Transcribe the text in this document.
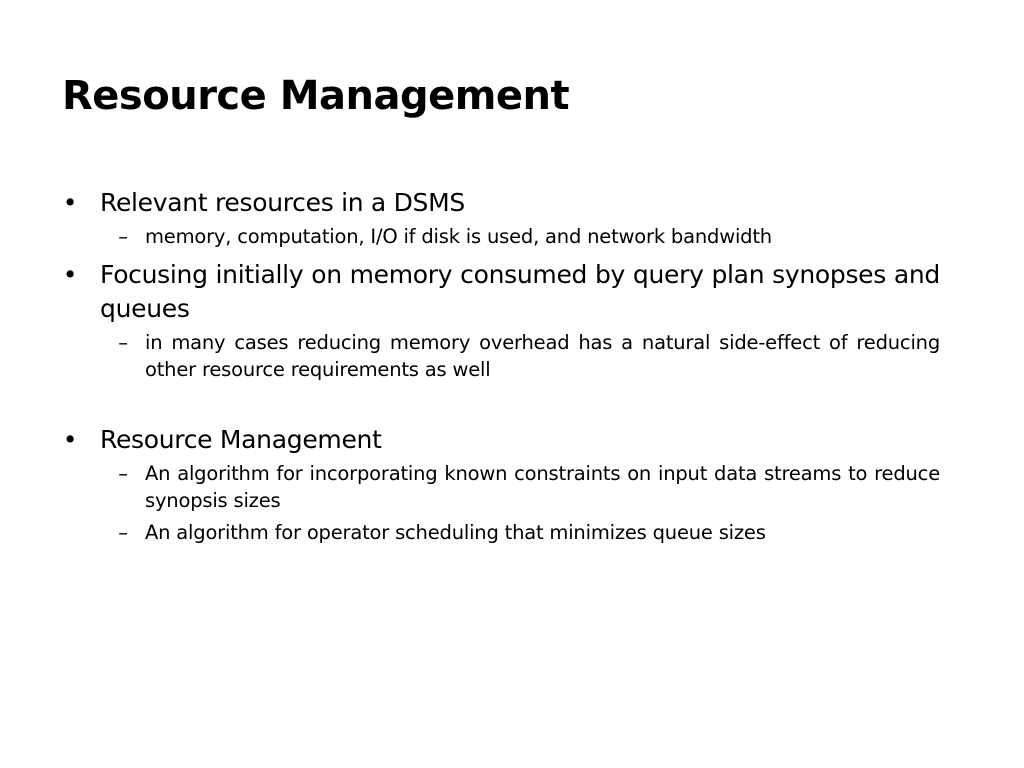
Resource Management
• Relevant resources in a DSMS
– memory, computation, I/O if disk is used, and network bandwidth
• Focusing initially on memory consumed by query plan synopses and queues
– in many cases reducing memory overhead has a natural side-effect of reducing other resource requirements as well
• Resource Management
– An algorithm for incorporating known constraints on input data streams to reduce synopsis sizes
– An algorithm for operator scheduling that minimizes queue sizes
